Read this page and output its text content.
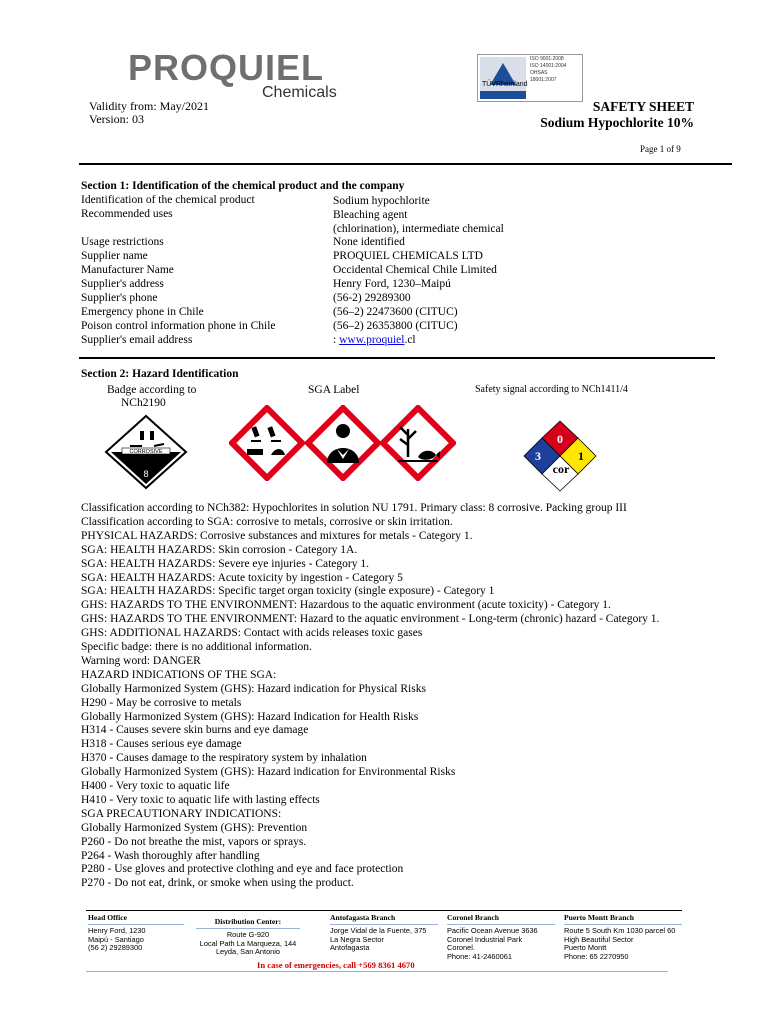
PROQUIEL
Chemicals	TÜVRheinland
ISO 9001:2008
ISO 14001:2004
OHSAS
18001:2007
Validity from: May/2021
Version: 03
SAFETY SHEET
Sodium Hypochlorite 10%
Page 1 of 9
Section 1: Identification of the chemical product and the company
Identification of the chemical product	Sodium hypochlorite
Recommended uses	Bleaching agent
(chlorination), intermediate chemical
Usage restrictions	None identified
Supplier name	PROQUIEL CHEMICALS LTD
Manufacturer Name	Occidental Chemical Chile Limited
Supplier's address	Henry Ford, 1230–Maipú
Supplier's phone	(56-2) 29289300
Emergency phone in Chile	(56–2) 22473600 (CITUC)
Poison control information phone in Chile	(56–2) 26353800 (CITUC)
Supplier's email address	: www.proquiel.cl
Section 2: Hazard Identification
Badge according to
NCh2190
SGA Label	Safety signal according to NCh1411/4
CORROSIVE
8
0
3	1
cor
Classification according to NCh382: Hypochlorites in solution NU 1791. Primary class: 8 corrosive. Packing group III
Classification according to SGA: corrosive to metals, corrosive or skin irritation.
PHYSICAL HAZARDS: Corrosive substances and mixtures for metals - Category 1.
SGA: HEALTH HAZARDS: Skin corrosion - Category 1A.
SGA: HEALTH HAZARDS: Severe eye injuries - Category 1.
SGA: HEALTH HAZARDS: Acute toxicity by ingestion - Category 5
SGA: HEALTH HAZARDS: Specific target organ toxicity (single exposure) - Category 1
GHS: HAZARDS TO THE ENVIRONMENT: Hazardous to the aquatic environment (acute toxicity) - Category 1.
GHS: HAZARDS TO THE ENVIRONMENT: Hazard to the aquatic environment - Long-term (chronic) hazard - Category 1.
GHS: ADDITIONAL HAZARDS: Contact with acids releases toxic gases
Specific badge: there is no additional information.
Warning word: DANGER
HAZARD INDICATIONS OF THE SGA:
Globally Harmonized System (GHS): Hazard indication for Physical Risks
H290 - May be corrosive to metals
Globally Harmonized System (GHS): Hazard Indication for Health Risks
H314 - Causes severe skin burns and eye damage
H318 - Causes serious eye damage
H370 - Causes damage to the respiratory system by inhalation
Globally Harmonized System (GHS): Hazard indication for Environmental Risks
H400 - Very toxic to aquatic life
H410 - Very toxic to aquatic life with lasting effects
SGA PRECAUTIONARY INDICATIONS:
Globally Harmonized System (GHS): Prevention
P260 - Do not breathe the mist, vapors or sprays.
P264 - Wash thoroughly after handling
P280 - Use gloves and protective clothing and eye and face protection
P270 - Do not eat, drink, or smoke when using the product.
Head Office
Henry Ford, 1230
Maipú - Santiago
(56 2) 29289300
Distribution Center:
Route G-920
Local Path La Marqueza, 144
Leyda, San Antonio
Antofagasta Branch
Jorge Vidal de la Fuente, 375
La Negra Sector
Antofagasta
Coronel Branch
Pacific Ocean Avenue 3636
Coronel Industrial Park
Coronel.
Phone: 41-2460061
Puerto Montt Branch
Route 5 South Km 1030 parcel 60
High Beautiful Sector
Puerto Montt
Phone: 65 2270950
In case of emergencies, call +569 8361 4670
